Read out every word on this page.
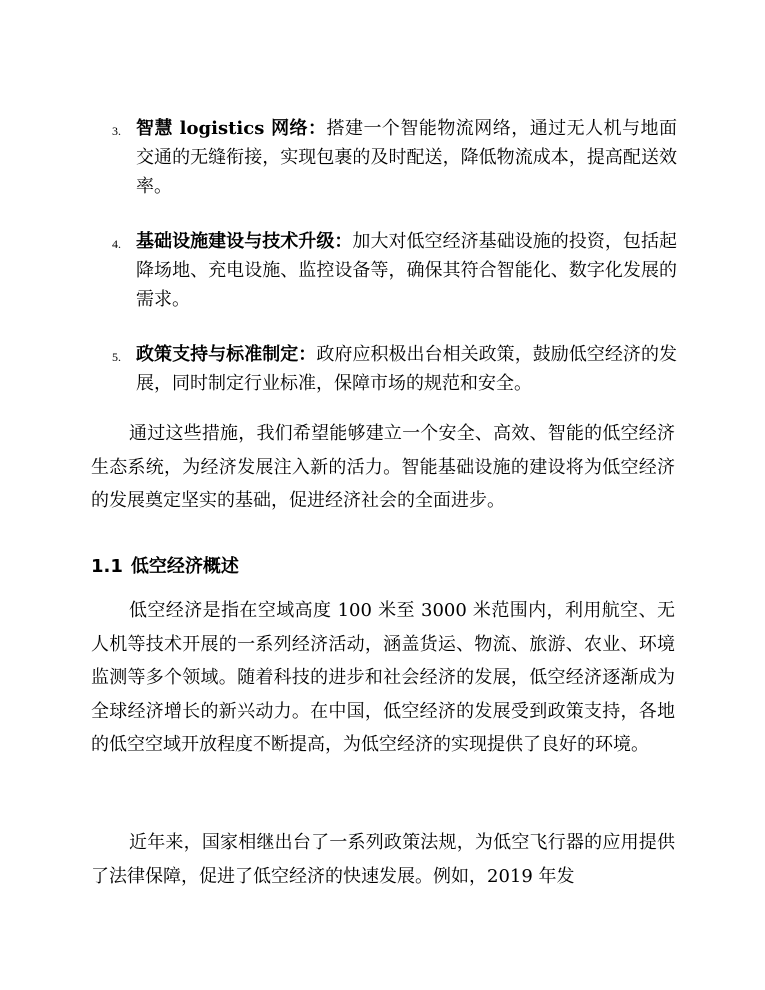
3. 智慧 logistics 网络：搭建一个智能物流网络，通过无人机与地面交通的无缝衔接，实现包裹的及时配送，降低物流成本，提高配送效率。
4. 基础设施建设与技术升级：加大对低空经济基础设施的投资，包括起降场地、充电设施、监控设备等，确保其符合智能化、数字化发展的需求。
5. 政策支持与标准制定：政府应积极出台相关政策，鼓励低空经济的发展，同时制定行业标准，保障市场的规范和安全。

通过这些措施，我们希望能够建立一个安全、高效、智能的低空经济生态系统，为经济发展注入新的活力。智能基础设施的建设将为低空经济的发展奠定坚实的基础，促进经济社会的全面进步。

1.1 低空经济概述

低空经济是指在空域高度 100 米至 3000 米范围内，利用航空、无人机等技术开展的一系列经济活动，涵盖货运、物流、旅游、农业、环境监测等多个领域。随着科技的进步和社会经济的发展，低空经济逐渐成为全球经济增长的新兴动力。在中国，低空经济的发展受到政策支持，各地的低空空域开放程度不断提高，为低空经济的实现提供了良好的环境。

近年来，国家相继出台了一系列政策法规，为低空飞行器的应用提供了法律保障，促进了低空经济的快速发展。例如，2019 年发
